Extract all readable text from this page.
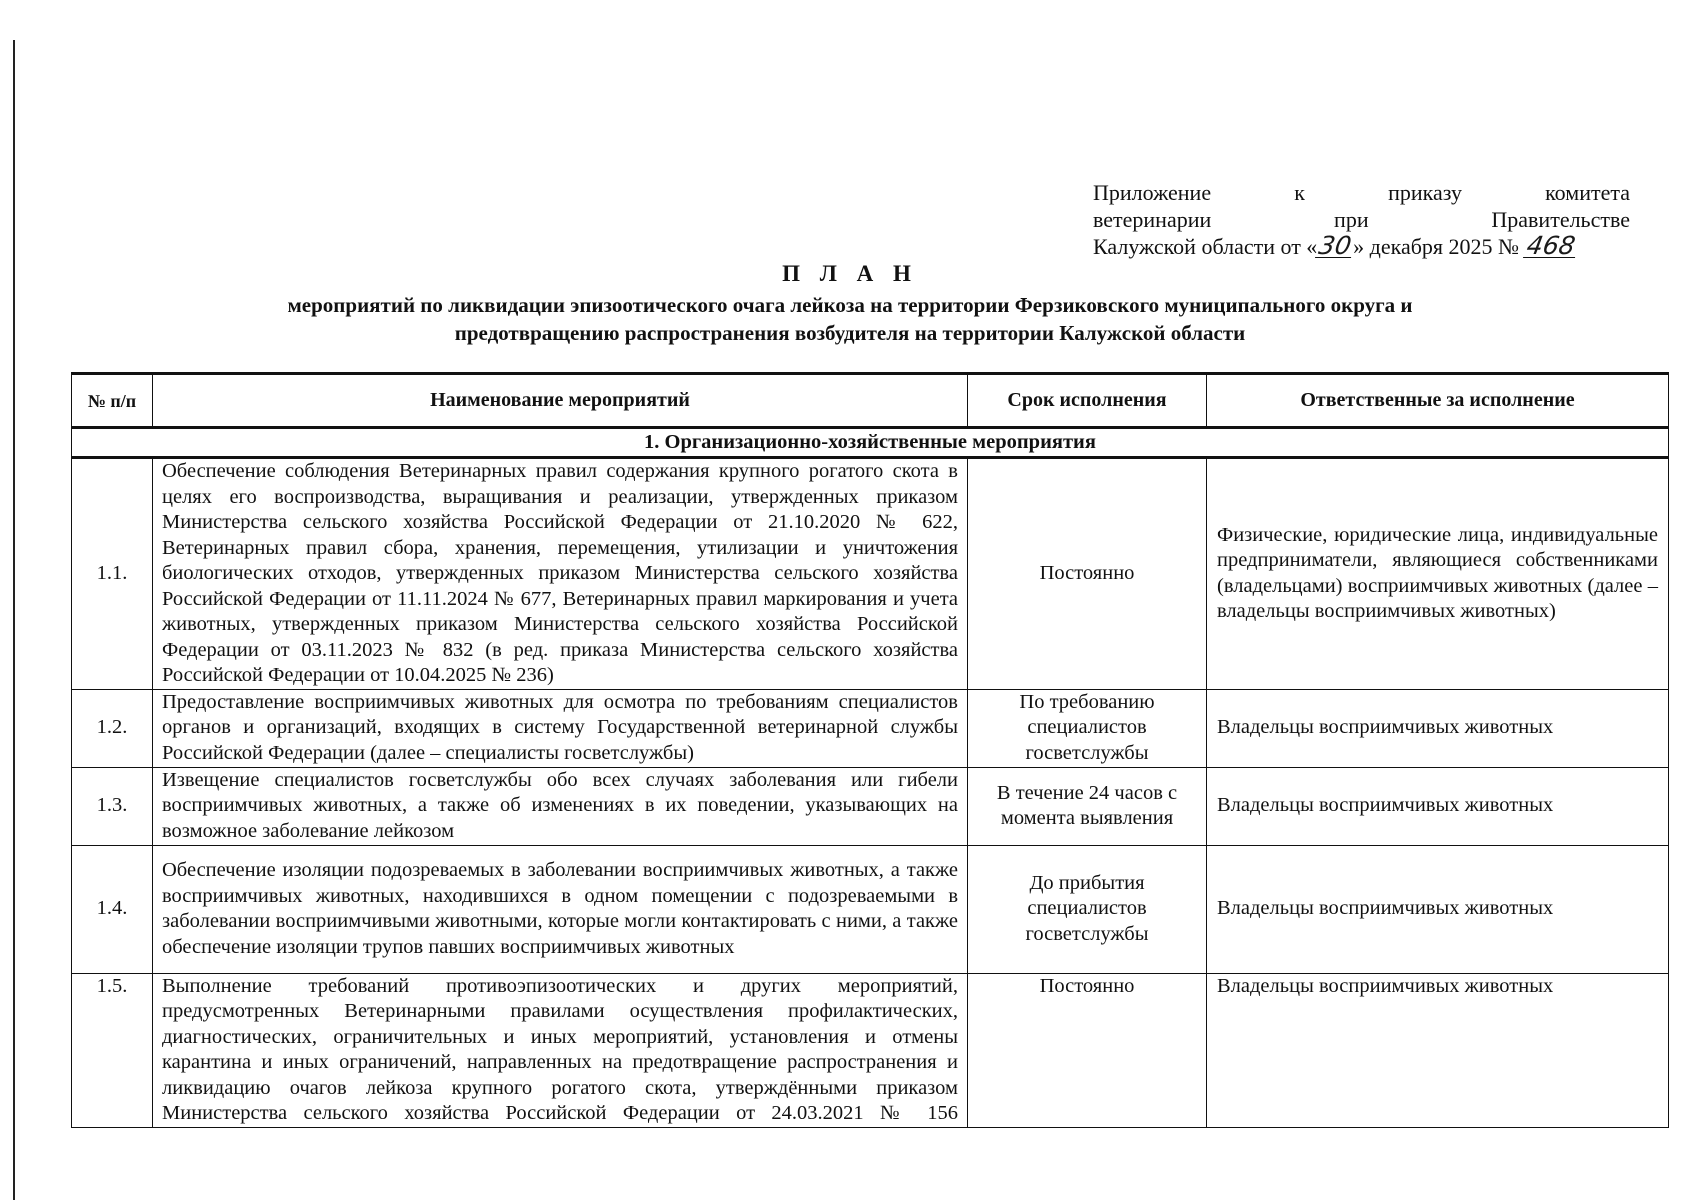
Приложение к приказу комитета
ветеринарии при Правительстве
Калужской области от «30» декабря 2025 № 468
П Л А Н
мероприятий по ликвидации эпизоотического очага лейкоза на территории Ферзиковского муниципального округа и
предотвращению распространения возбудителя на территории Калужской области
№ п/п	Наименование мероприятий	Срок исполнения	Ответственные за исполнение
1. Организационно-хозяйственные мероприятия			
1.1.	Обеспечение соблюдения Ветеринарных правил содержания крупного рогатого скота в целях его воспроизводства, выращивания и реализации, утвержденных приказом Министерства сельского хозяйства Российской Федерации от 21.10.2020 № 622, Ветеринарных правил сбора, хранения, перемещения, утилизации и уничтожения биологических отходов, утвержденных приказом Министерства сельского хозяйства Российской Федерации от 11.11.2024 № 677, Ветеринарных правил маркирования и учета животных, утвержденных приказом Министерства сельского хозяйства Российской Федерации от 03.11.2023 № 832 (в ред. приказа Министерства сельского хозяйства Российской Федерации от 10.04.2025 № 236)	Постоянно	Физические, юридические лица, индивидуальные предприниматели, являющиеся собственниками (владельцами) восприимчивых животных (далее – владельцы восприимчивых животных)
1.2.	Предоставление восприимчивых животных для осмотра по требованиям специалистов органов и организаций, входящих в систему Государственной ветеринарной службы Российской Федерации (далее – специалисты госветслужбы)	По требованию специалистов госветслужбы	Владельцы восприимчивых животных
1.3.	Извещение специалистов госветслужбы обо всех случаях заболевания или гибели восприимчивых животных, а также об изменениях в их поведении, указывающих на возможное заболевание лейкозом	В течение 24 часов с момента выявления	Владельцы восприимчивых животных
1.4.	Обеспечение изоляции подозреваемых в заболевании восприимчивых животных, а также восприимчивых животных, находившихся в одном помещении с подозреваемыми в заболевании восприимчивыми животными, которые могли контактировать с ними, а также обеспечение изоляции трупов павших восприимчивых животных	До прибытия специалистов госветслужбы	Владельцы восприимчивых животных
1.5.	Выполнение требований противоэпизоотических и других мероприятий, предусмотренных Ветеринарными правилами осуществления профилактических, диагностических, ограничительных и иных мероприятий, установления и отмены карантина и иных ограничений, направленных на предотвращение распространения и ликвидацию очагов лейкоза крупного рогатого скота, утверждёнными приказом Министерства сельского хозяйства Российской Федерации от 24.03.2021 № 156	Постоянно	Владельцы восприимчивых животных
